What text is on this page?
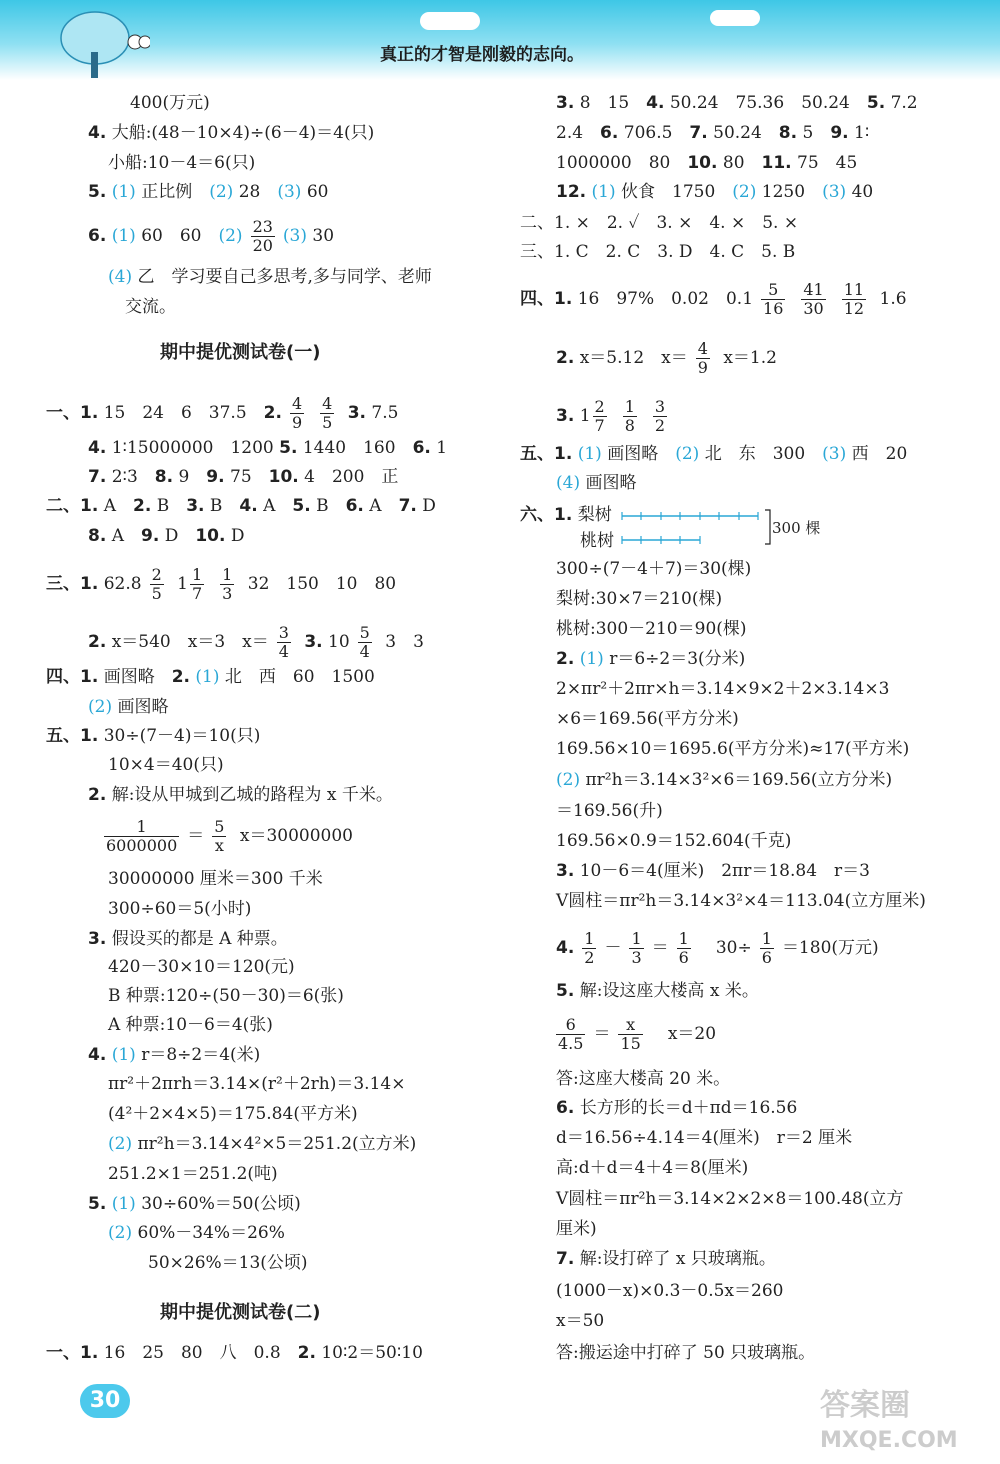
真正的才智是刚毅的志向。
400(万元)
4. 大船:(48－10×4)÷(6－4)＝4(只)
小船:10－4＝6(只)
5. (1) 正比例　 (2) 28　 (3) 60
6. (1) 60　60　 $(2) \frac{23}{20} (3)$ 30
(4) 乙　学习要自己多思考,多与同学、老师
交流。
期中提优测试卷(一)
一、1. 15　24　6　37.5　 2. $\frac{4}{9} \frac{4}{5} 3$. 7.5
4. 1∶15000000　1200 5. 1440　160　 6. 1
7. 2∶3　 8. 9　 9. 75　 10. 4　200　正
二、1. A　 2. B　 3. B　 4. A　 5. B　 6. A　 7. D
8. A　 9. D　 10. D
三、1. $62.8 \frac{2}{5} 1 \frac{1}{7} \frac{1}{3} 32$　150　10　80
2. x＝540　x＝3　$x= \frac{3}{4} 3$. $10 \frac{5}{4} 3$　3
四、1. 画图略　 2. (1) 北　西　60　1500
(2) 画图略
五、1. 30÷(7－4)＝10(只)
10×4＝40(只)
2. 解:设从甲城到乙城的路程为 x 千米。
$\frac{1}{6000000} = \frac{5}{x} x=30000000$
30000000 厘米＝300 千米
300÷60＝5(小时)
3. 假设买的都是 A 种票。
420－30×10＝120(元)
B 种票:120÷(50－30)＝6(张)
A 种票:10－6＝4(张)
4. (1) r＝8÷2＝4(米)
πr²＋2πrh＝3.14×(r²＋2rh)＝3.14×
(4²＋2×4×5)＝175.84(平方米)
(2) πr²h＝3.14×4²×5＝251.2(立方米)
251.2×1＝251.2(吨)
5. (1) 30÷60%＝50(公顷)
(2) 60%－34%＝26%
50×26%＝13(公顷)
期中提优测试卷(二)
一、1. 16　25　80　八　0.8　 2. 10∶2＝50∶10
3. 8　15　 4. 50.24　75.36　50.24　 5. 7.2
2.4　 6. 706.5　 7. 50.24　 8. 5　 9. 1∶
1000000　80　 10. 80　 11. 75　45
12. (1) 伙食　1750　 (2) 1250　 (3) 40
二、1. ×　2. ✓　3. ×　4. ×　5. ×
三、1. C　2. C　3. D　4. C　5. B
四、1. 16　97%　0.02　$0.1 \frac{5}{16} \frac{41}{30} \frac{11}{12} 1.6$
2. x＝5.12　$x= \frac{4}{9} x=1.2$
3. $1 \frac{2}{7} \frac{1}{8} \frac{3}{2}$
五、1. (1) 画图略　 (2) 北　东　300　 (3) 西　20
(4) 画图略
六、1. 梨树
桃树
300 棵
300÷(7－4＋7)＝30(棵)
梨树:30×7＝210(棵)
桃树:300－210＝90(棵)
2. (1) r＝6÷2＝3(分米)
2×πr²＋2πr×h＝3.14×9×2＋2×3.14×3
×6＝169.56(平方分米)
169.56×10＝1695.6(平方分米)≈17(平方米)
(2) πr²h＝3.14×3²×6＝169.56(立方分米)
＝169.56(升)
169.56×0.9＝152.604(千克)
3. 10－6＝4(厘米)　2πr＝18.84　r＝3
V圆柱＝πr²h＝3.14×3²×4＝113.04(立方厘米)
4. $\frac{1}{2} - \frac{1}{3} = \frac{1}{6}$
　 $30\div \frac{1}{6} =180$(万元)
5. 解:设这座大楼高 x 米。
$\frac{6}{4.5} = \frac{x}{15}$
　 x＝20
答:这座大楼高 20 米。
6. 长方形的长＝d＋πd＝16.56
d＝16.56÷4.14＝4(厘米)　r＝2 厘米
高:d＋d＝4＋4＝8(厘米)
V圆柱＝πr²h＝3.14×2×2×8＝100.48(立方
厘米)
7. 解:设打碎了 x 只玻璃瓶。
(1000－x)×0.3－0.5x＝260
x＝50
答:搬运途中打碎了 50 只玻璃瓶。
30	答案圈
MXQE.COM
